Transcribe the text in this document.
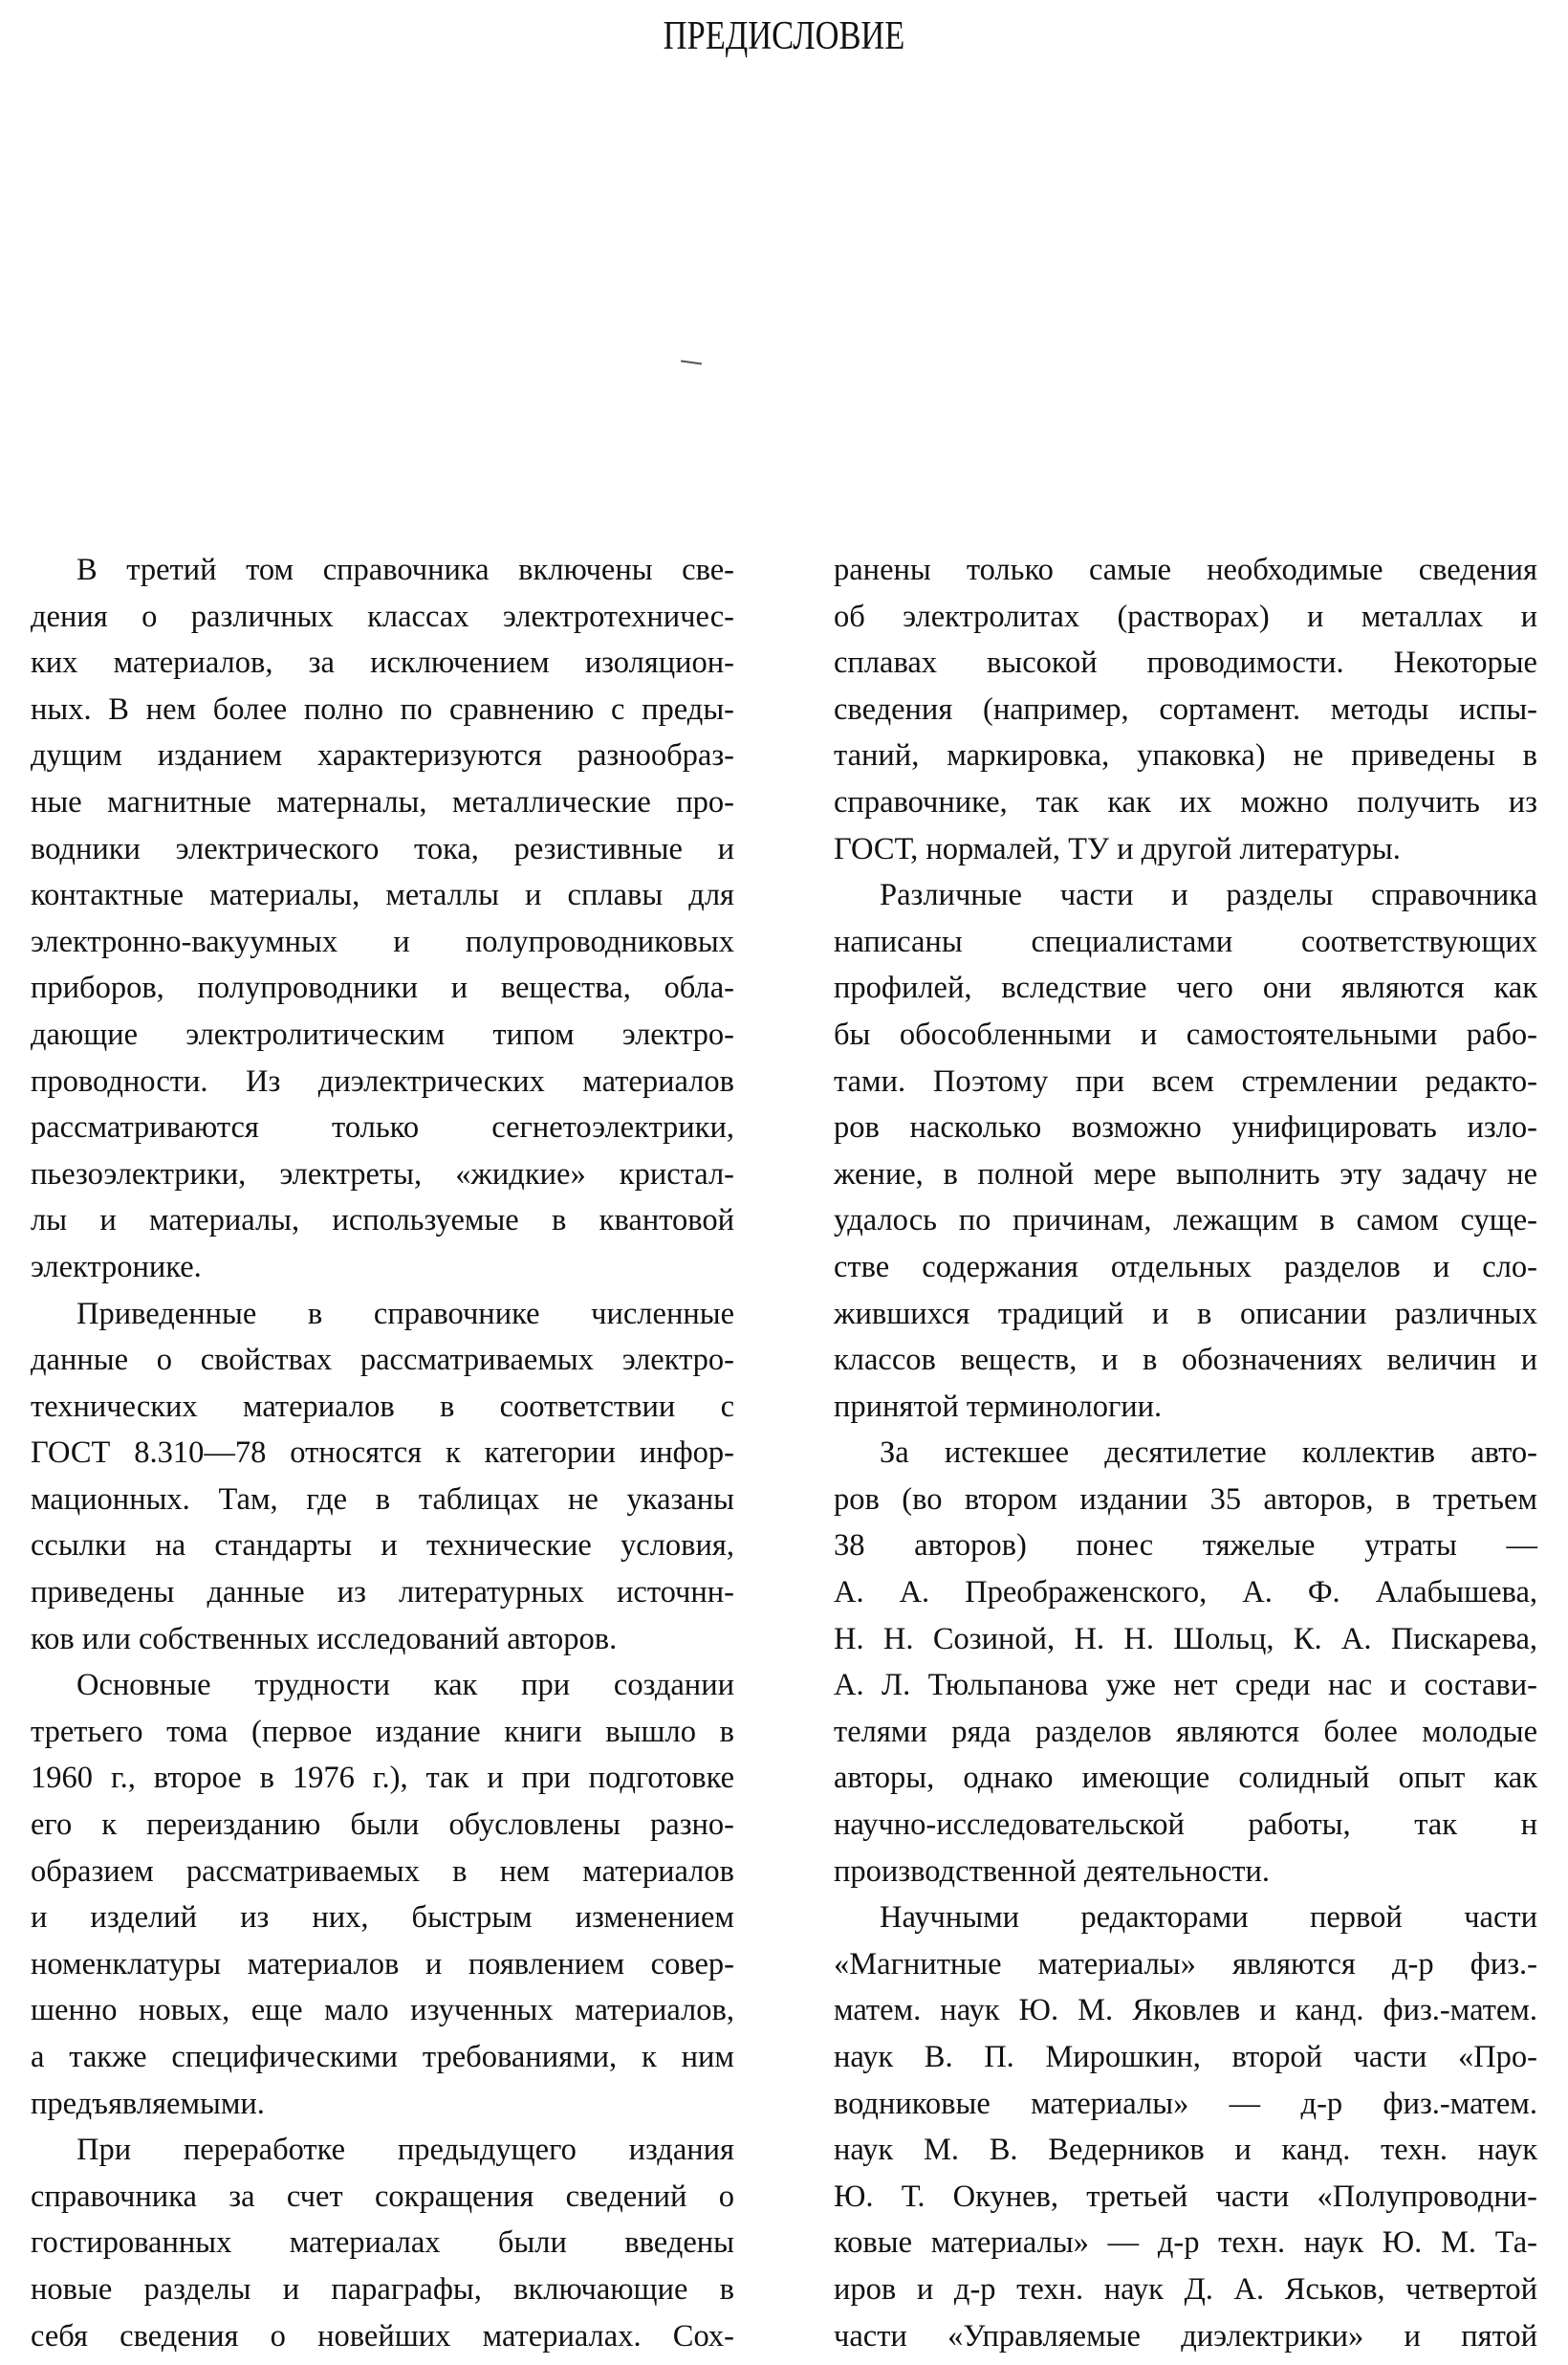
ПРЕДИСЛОВИЕ
В третий том справочника включены све-
дения о различных классах электротехничес-
ких материалов, за исключением изоляцион-
ных. В нем более полно по сравнению с преды-
дущим изданием характеризуются разнообраз-
ные магнитные матерналы, металлические про-
водники электрического тока, резистивные и
контактные материалы, металлы и сплавы для
электронно-вакуумных и полупроводниковых
приборов, полупроводники и вещества, обла-
дающие электролитическим типом электро-
проводности. Из диэлектрических материалов
рассматриваются только сегнетоэлектрики,
пьезоэлектрики, электреты, «жидкие» кристал-
лы и материалы, используемые в квантовой
электронике.
Приведенные в справочнике численные
данные о свойствах рассматриваемых электро-
технических материалов в соответствии с
ГОСТ 8.310—78 относятся к категории инфор-
мационных. Там, где в таблицах не указаны
ссылки на стандарты и технические условия,
приведены данные из литературных источнн-
ков или собственных исследований авторов.
Основные трудности как при создании
третьего тома (первое издание книги вышло в
1960 г., второе в 1976 г.), так и при подготовке
его к переизданию были обусловлены разно-
образием рассматриваемых в нем материалов
и изделий из них, быстрым изменением
номенклатуры материалов и появлением совер-
шенно новых, еще мало изученных материалов,
а также специфическими требованиями, к ним
предъявляемыми.
При переработке предыдущего издания
справочника за счет сокращения сведений о
гостированных материалах были введены
новые разделы и параграфы, включающие в
себя сведения о новейших материалах. Сох-
ранены только самые необходимые сведения
об электролитах (растворах) и металлах и
сплавах высокой проводимости. Некоторые
сведения (например, сортамент. методы испы-
таний, маркировка, упаковка) не приведены в
справочнике, так как их можно получить из
ГОСТ, нормалей, ТУ и другой литературы.
Различные части и разделы справочника
написаны специалистами соответствующих
профилей, вследствие чего они являются как
бы обособленными и самостоятельными рабо-
тами. Поэтому при всем стремлении редакто-
ров насколько возможно унифицировать изло-
жение, в полной мере выполнить эту задачу не
удалось по причинам, лежащим в самом суще-
стве содержания отдельных разделов и сло-
жившихся традиций и в описании различных
классов веществ, и в обозначениях величин и
принятой терминологии.
За истекшее десятилетие коллектив авто-
ров (во втором издании 35 авторов, в третьем
38 авторов) понес тяжелые утраты —
А. А. Преображенского, А. Ф. Алабышева,
Н. Н. Созиной, Н. Н. Шольц, К. А. Пискарева,
А. Л. Тюльпанова уже нет среди нас и состави-
телями ряда разделов являются более молодые
авторы, однако имеющие солидный опыт как
научно-исследовательской работы, так н
производственной деятельности.
Научными редакторами первой части
«Магнитные материалы» являются д-р физ.-
матем. наук Ю. М. Яковлев и канд. физ.-матем.
наук В. П. Мирошкин, второй части «Про-
водниковые материалы» — д-р физ.-матем.
наук М. В. Ведерников и канд. техн. наук
Ю. Т. Окунев, третьей части «Полупроводни-
ковые материалы» — д-р техн. наук Ю. М. Та-
иров и д-р техн. наук Д. А. Яськов, четвертой
части «Управляемые диэлектрики» и пятой
